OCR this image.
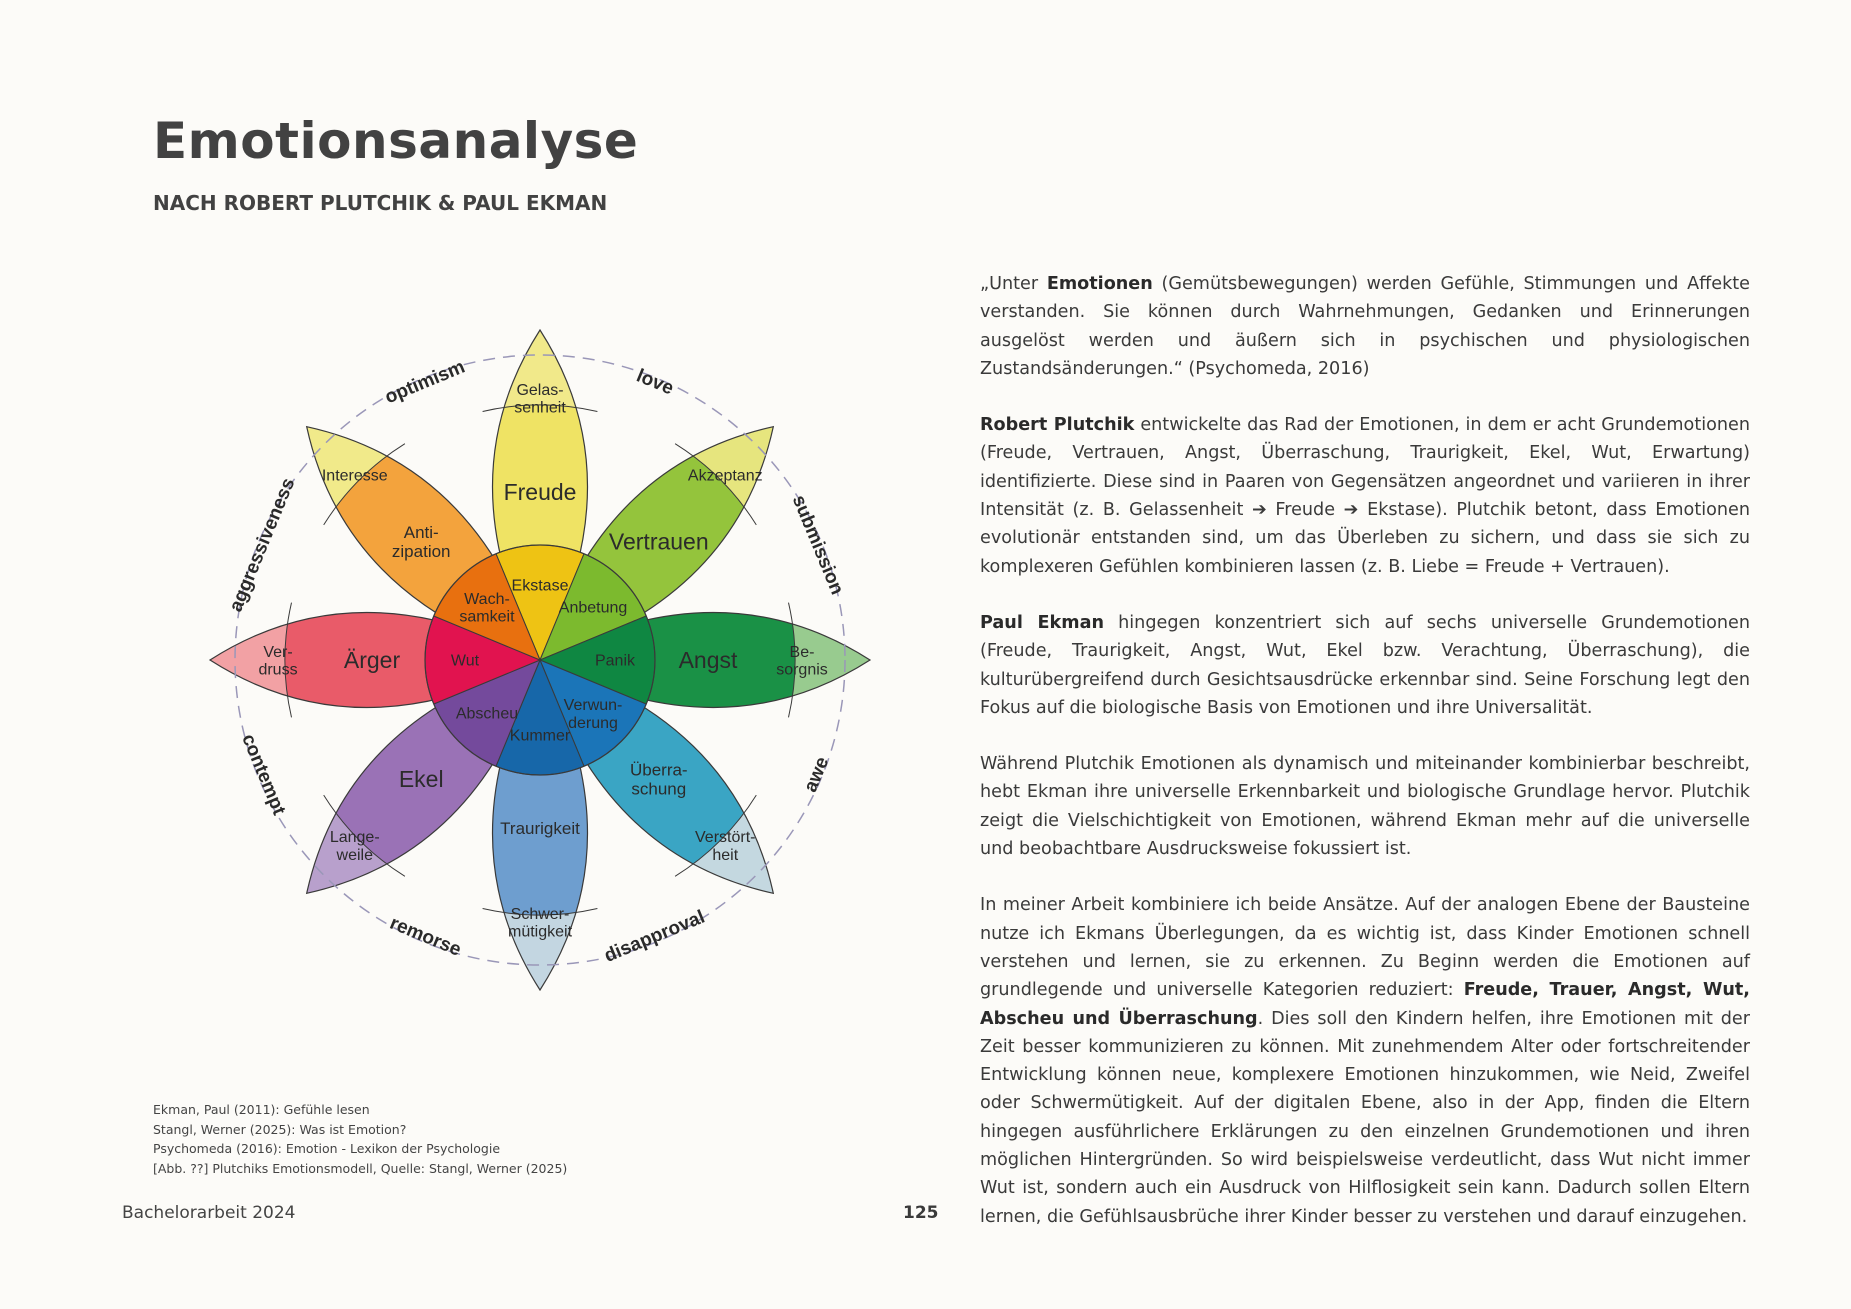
Emotionsanalyse
NACH ROBERT PLUTCHIK & PAUL EKMAN
Ekstase
Freude
Gelas-senheit
Anbetung
Vertrauen
Akzeptanz
Panik Angst	Be-sorgnis
Verwun-derung
Überra-schung
Verstört-heit
Kummer
Traurigkeit
Schwer-mütigkeit
Abscheu
Ekel
Lange-weile
Wut
Ärger
Ver-druss
Wach-samkeit
Anti-zipation
Interesse
love
submission
awe
disapproval
remorse
contempt
aggressiveness
optimism
Ekman, Paul (2011): Gefühle lesen
Stangl, Werner (2025): Was ist Emotion?
Psychomeda (2016): Emotion - Lexikon der Psychologie
[Abb. ??] Plutchiks Emotionsmodell, Quelle: Stangl, Werner (2025)

„Unter Emotionen (Gemütsbewegungen) werden Gefühle, Stimmungen und Affekte verstanden. Sie können durch Wahrnehmungen, Gedanken und Erinnerungen ausgelöst werden und äußern sich in psychischen und physiologischen Zustandsänderungen.“ (Psychomeda, 2016)

Robert Plutchik entwickelte das Rad der Emotionen, in dem er acht Grundemotionen (Freude, Vertrauen, Angst, Überraschung, Traurigkeit, Ekel, Wut, Erwartung) identifizierte. Diese sind in Paaren von Gegensätzen angeordnet und variieren in ihrer Intensität (z. B. Gelassenheit ➔ Freude ➔ Ekstase). Plutchik betont, dass Emotionen evolutionär entstanden sind, um das Überleben zu sichern, und dass sie sich zu komplexeren Gefühlen kombinieren lassen (z. B. Liebe = Freude + Vertrauen).

Paul Ekman hingegen konzentriert sich auf sechs universelle Grundemotionen (Freude, Traurigkeit, Angst, Wut, Ekel bzw. Verachtung, Überraschung), die kulturübergreifend durch Gesichtsausdrücke erkennbar sind. Seine Forschung legt den Fokus auf die biologische Basis von Emotionen und ihre Universalität.

Während Plutchik Emotionen als dynamisch und miteinander kombinierbar beschreibt, hebt Ekman ihre universelle Erkennbarkeit und biologische Grundlage hervor. Plutchik zeigt die Vielschichtigkeit von Emotionen, während Ekman mehr auf die universelle und beobachtbare Ausdrucksweise fokussiert ist.

In meiner Arbeit kombiniere ich beide Ansätze. Auf der analogen Ebene der Bausteine nutze ich Ekmans Überlegungen, da es wichtig ist, dass Kinder Emotionen schnell verstehen und lernen, sie zu erkennen. Zu Beginn werden die Emotionen auf grundlegende und universelle Kategorien reduziert: Freude, Trauer, Angst, Wut, Abscheu und Überraschung. Dies soll den Kindern helfen, ihre Emotionen mit der Zeit besser kommunizieren zu können. Mit zunehmendem Alter oder fortschreitender Entwicklung können neue, komplexere Emotionen hinzukommen, wie Neid, Zweifel oder Schwermütigkeit. Auf der digitalen Ebene, also in der App, finden die Eltern hingegen ausführlichere Erklärungen zu den einzelnen Grundemotionen und ihren möglichen Hintergründen. So wird beispielsweise verdeutlicht, dass Wut nicht immer Wut ist, sondern auch ein Ausdruck von Hilflosigkeit sein kann. Dadurch sollen Eltern lernen, die Gefühlsausbrüche ihrer Kinder besser zu verstehen und darauf einzugehen.

Bachelorarbeit 2024	125
